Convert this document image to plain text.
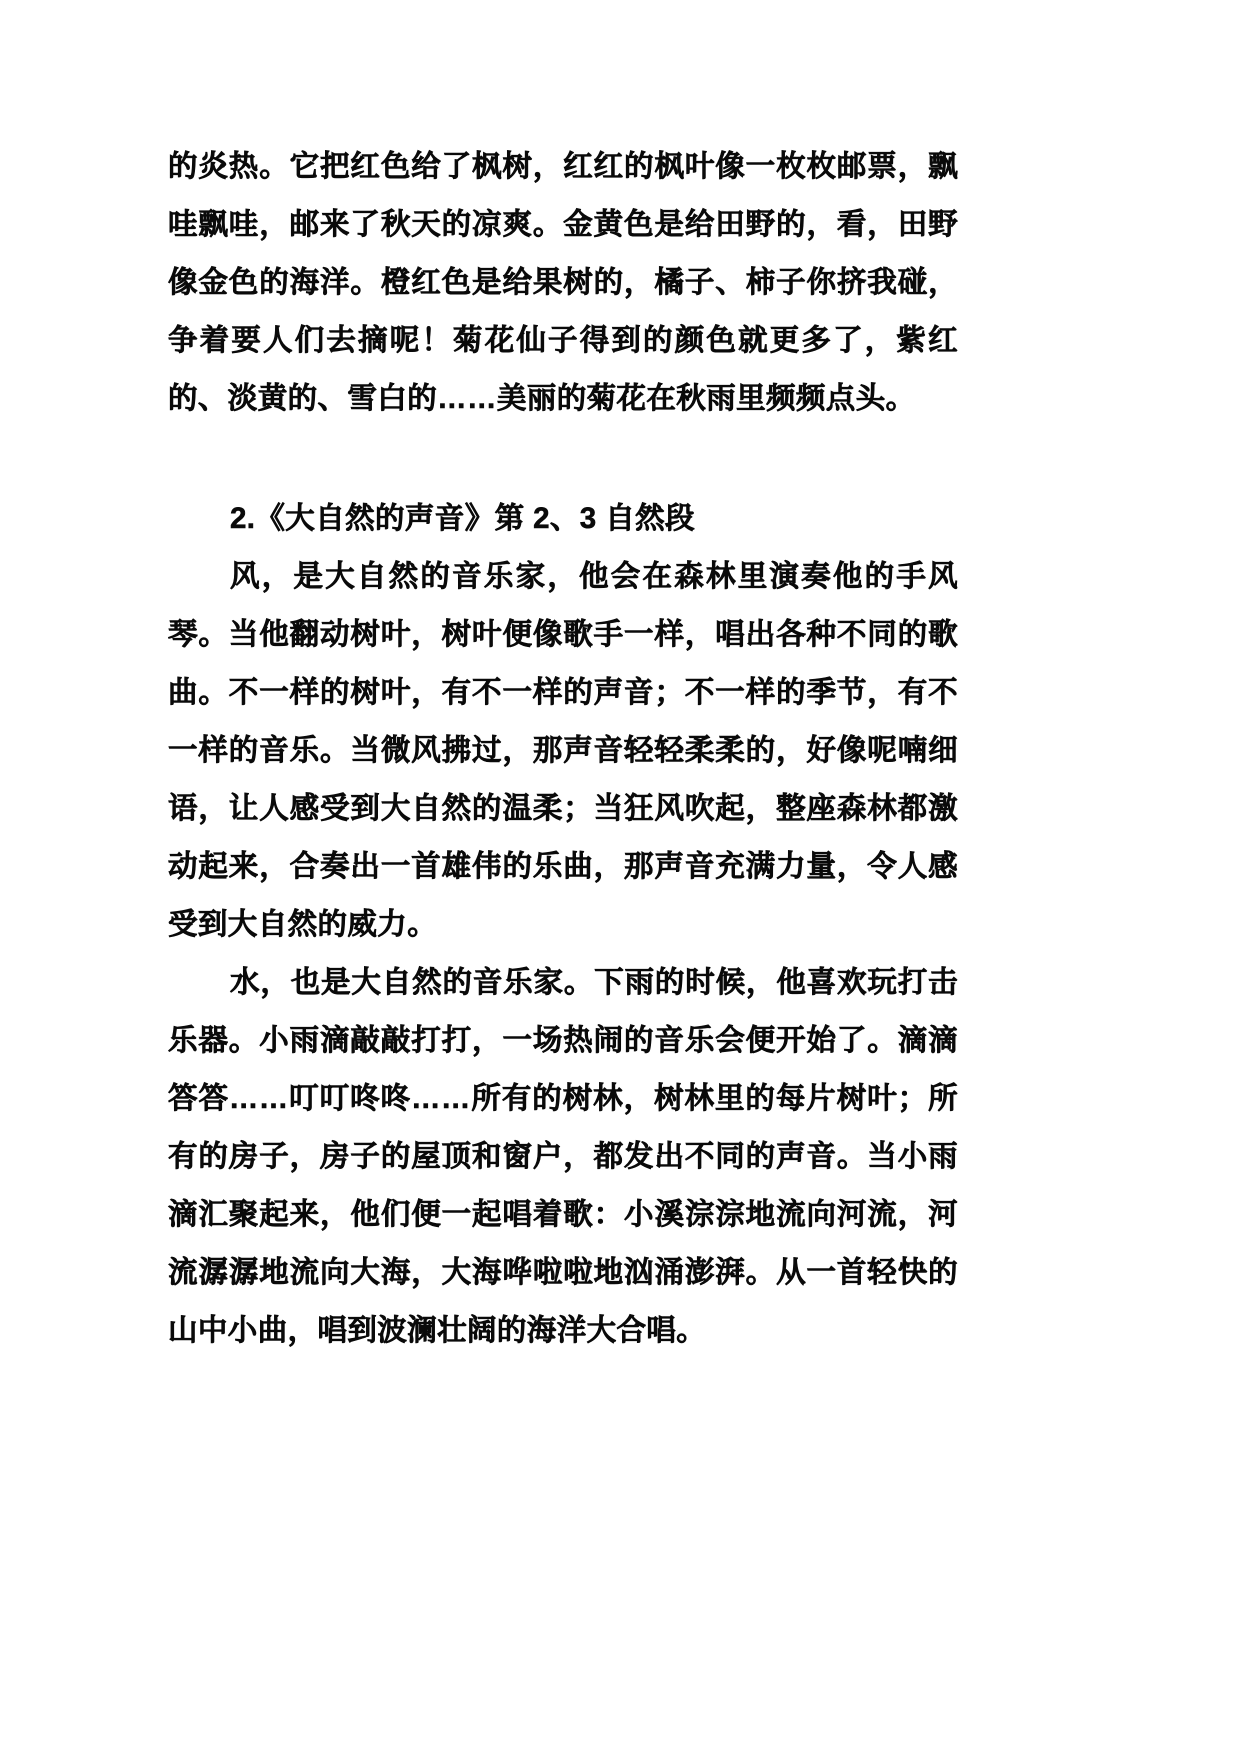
的炎热。它把红色给了枫树，红红的枫叶像一枚枚邮票，飘哇飘哇，邮来了秋天的凉爽。金黄色是给田野的，看，田野像金色的海洋。橙红色是给果树的，橘子、柿子你挤我碰，争着要人们去摘呢！菊花仙子得到的颜色就更多了，紫红的、淡黄的、雪白的……美丽的菊花在秋雨里频频点头。

2.《大自然的声音》第 2、3 自然段

风，是大自然的音乐家，他会在森林里演奏他的手风琴。当他翻动树叶，树叶便像歌手一样，唱出各种不同的歌曲。不一样的树叶，有不一样的声音；不一样的季节，有不一样的音乐。当微风拂过，那声音轻轻柔柔的，好像呢喃细语，让人感受到大自然的温柔；当狂风吹起，整座森林都激动起来，合奏出一首雄伟的乐曲，那声音充满力量，令人感受到大自然的威力。

水，也是大自然的音乐家。下雨的时候，他喜欢玩打击乐器。小雨滴敲敲打打，一场热闹的音乐会便开始了。滴滴答答……叮叮咚咚……所有的树林，树林里的每片树叶；所有的房子，房子的屋顶和窗户，都发出不同的声音。当小雨滴汇聚起来，他们便一起唱着歌：小溪淙淙地流向河流，河流潺潺地流向大海，大海哗啦啦地汹涌澎湃。从一首轻快的山中小曲，唱到波澜壮阔的海洋大合唱。
